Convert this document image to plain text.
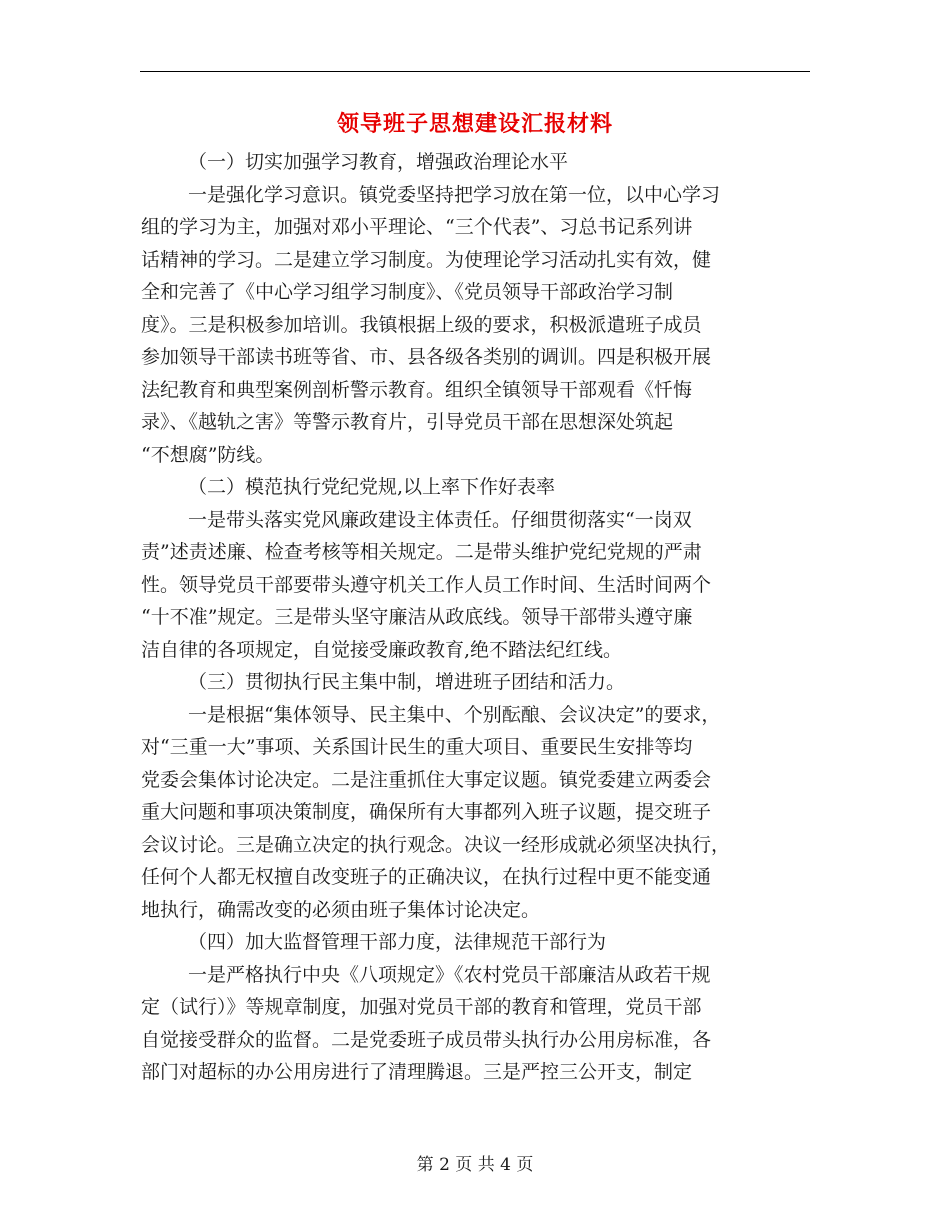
领导班子思想建设汇报材料
（一）切实加强学习教育，增强政治理论水平
一是强化学习意识。镇党委坚持把学习放在第一位，以中心学习
组的学习为主，加强对邓小平理论、“三个代表”、习总书记系列讲
话精神的学习。二是建立学习制度。为使理论学习活动扎实有效，健
全和完善了《中心学习组学习制度》、《党员领导干部政治学习制
度》。三是积极参加培训。我镇根据上级的要求，积极派遣班子成员
参加领导干部读书班等省、市、县各级各类别的调训。四是积极开展
法纪教育和典型案例剖析警示教育。组织全镇领导干部观看《忏悔
录》、《越轨之害》等警示教育片，引导党员干部在思想深处筑起
“不想腐”防线。
（二）模范执行党纪党规,以上率下作好表率
一是带头落实党风廉政建设主体责任。仔细贯彻落实“一岗双
责”述责述廉、检查考核等相关规定。二是带头维护党纪党规的严肃
性。领导党员干部要带头遵守机关工作人员工作时间、生活时间两个
“十不准”规定。三是带头坚守廉洁从政底线。领导干部带头遵守廉
洁自律的各项规定，自觉接受廉政教育,绝不踏法纪红线。
（三）贯彻执行民主集中制，增进班子团结和活力。
一是根据“集体领导、民主集中、个别酝酿、会议决定”的要求，
对“三重一大”事项、关系国计民生的重大项目、重要民生安排等均
党委会集体讨论决定。二是注重抓住大事定议题。镇党委建立两委会
重大问题和事项决策制度，确保所有大事都列入班子议题，提交班子
会议讨论。三是确立决定的执行观念。决议一经形成就必须坚决执行，
任何个人都无权擅自改变班子的正确决议，在执行过程中更不能变通
地执行，确需改变的必须由班子集体讨论决定。
（四）加大监督管理干部力度，法律规范干部行为
一是严格执行中央《八项规定》《农村党员干部廉洁从政若干规
定（试行）》等规章制度，加强对党员干部的教育和管理，党员干部
自觉接受群众的监督。二是党委班子成员带头执行办公用房标准，各
部门对超标的办公用房进行了清理腾退。三是严控三公开支，制定
第 2 页 共 4 页
